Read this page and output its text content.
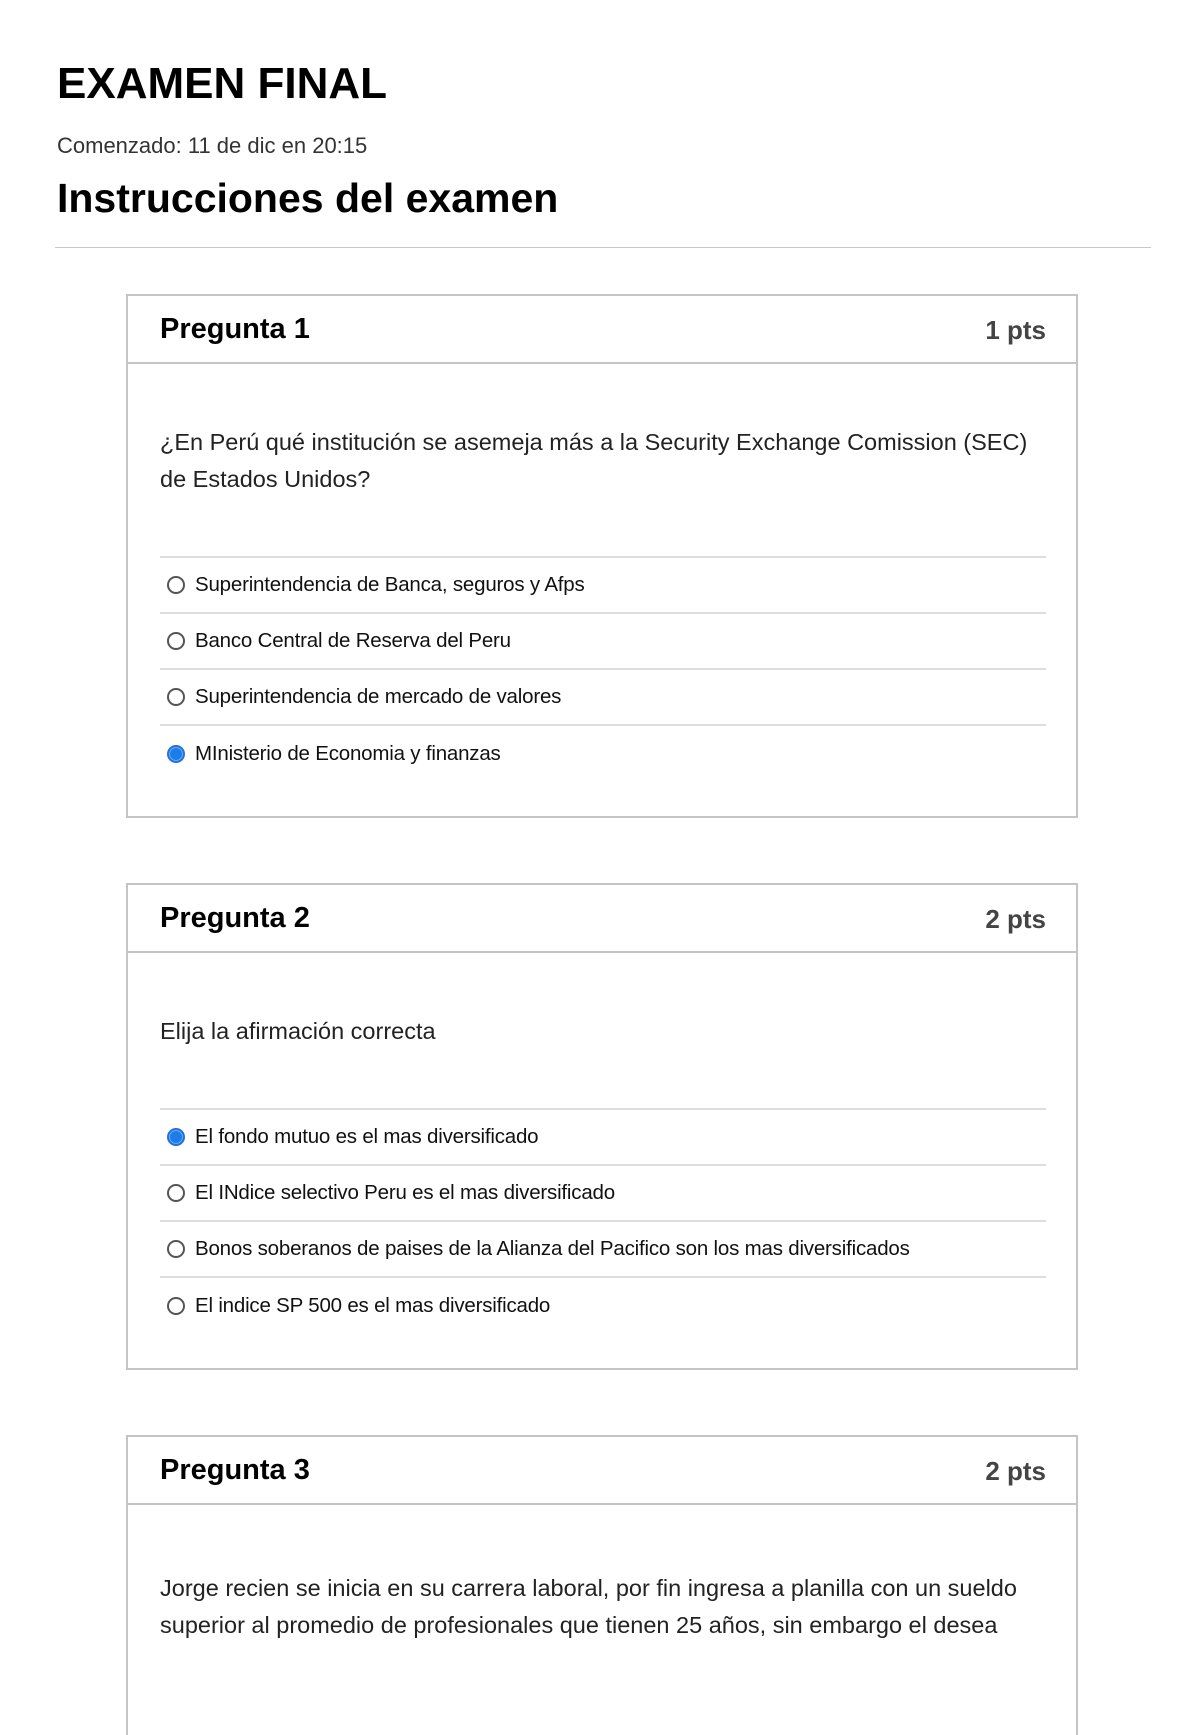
EXAMEN FINAL
Comenzado: 11 de dic en 20:15
Instrucciones del examen
Pregunta 1	1 pts
¿En Perú qué institución se asemeja más a la Security Exchange Comission (SEC) de Estados Unidos?
Superintendencia de Banca, seguros y Afps
Banco Central de Reserva del Peru
Superintendencia de mercado de valores
MInisterio de Economia y finanzas
Pregunta 2	2 pts
Elija la afirmación correcta
El fondo mutuo es el mas diversificado
El INdice selectivo Peru es el mas diversificado
Bonos soberanos de paises de la Alianza del Pacifico son los mas diversificados
El indice SP 500 es el mas diversificado
Pregunta 3	2 pts
Jorge recien se inicia en su carrera laboral, por fin ingresa a planilla con un sueldo superior al promedio de profesionales que tienen 25 años, sin embargo el desea
